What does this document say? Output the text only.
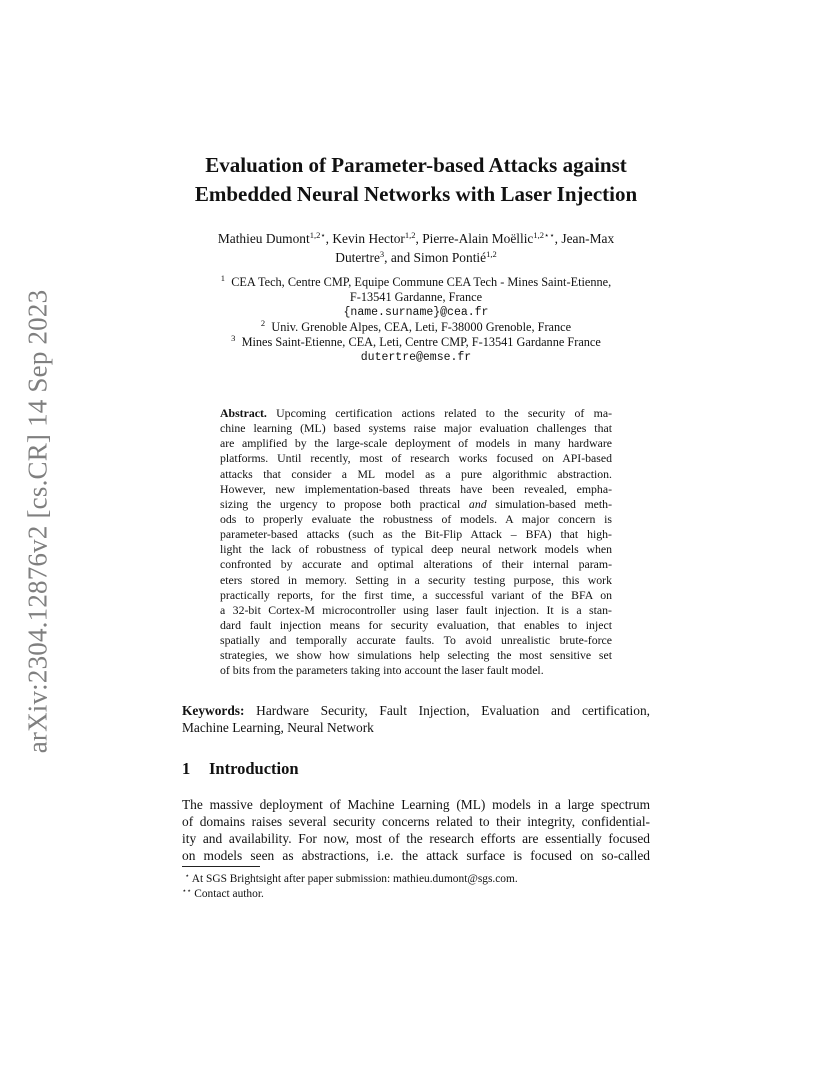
arXiv:2304.12876v2 [cs.CR] 14 Sep 2023
Evaluation of Parameter-based Attacks against
Embedded Neural Networks with Laser Injection
Mathieu Dumont$^{1,2⋆}$, Kevin Hector$^{1,2}$, Pierre-Alain Moëllic$^{1,2⋆⋆}$, Jean-Max
Dutertre$^3$, and Simon Pontié$^{1,2}$
$^1$ CEA Tech, Centre CMP, Equipe Commune CEA Tech - Mines Saint-Etienne,
F-13541 Gardanne, France
{name.surname}@cea.fr
$^2$ Univ. Grenoble Alpes, CEA, Leti, F-38000 Grenoble, France
$^3$ Mines Saint-Etienne, CEA, Leti, Centre CMP, F-13541 Gardanne France
dutertre@emse.fr
Abstract. Upcoming certification actions related to the security of ma-
chine learning (ML) based systems raise major evaluation challenges that
are amplified by the large-scale deployment of models in many hardware
platforms. Until recently, most of research works focused on API-based
attacks that consider a ML model as a pure algorithmic abstraction.
However, new implementation-based threats have been revealed, empha-
sizing the urgency to propose both practical and simulation-based meth-
ods to properly evaluate the robustness of models. A major concern is
parameter-based attacks (such as the Bit-Flip Attack – BFA) that high-
light the lack of robustness of typical deep neural network models when
confronted by accurate and optimal alterations of their internal param-
eters stored in memory. Setting in a security testing purpose, this work
practically reports, for the first time, a successful variant of the BFA on
a 32-bit Cortex-M microcontroller using laser fault injection. It is a stan-
dard fault injection means for security evaluation, that enables to inject
spatially and temporally accurate faults. To avoid unrealistic brute-force
strategies, we show how simulations help selecting the most sensitive set
of bits from the parameters taking into account the laser fault model.
Keywords: Hardware Security, Fault Injection, Evaluation and certification,
Machine Learning, Neural Network
1 Introduction
The massive deployment of Machine Learning (ML) models in a large spectrum
of domains raises several security concerns related to their integrity, confidential-
ity and availability. For now, most of the research efforts are essentially focused
on models seen as abstractions, i.e. the attack surface is focused on so-called
⋆ At SGS Brightsight after paper submission: mathieu.dumont@sgs.com.
⋆⋆ Contact author.
